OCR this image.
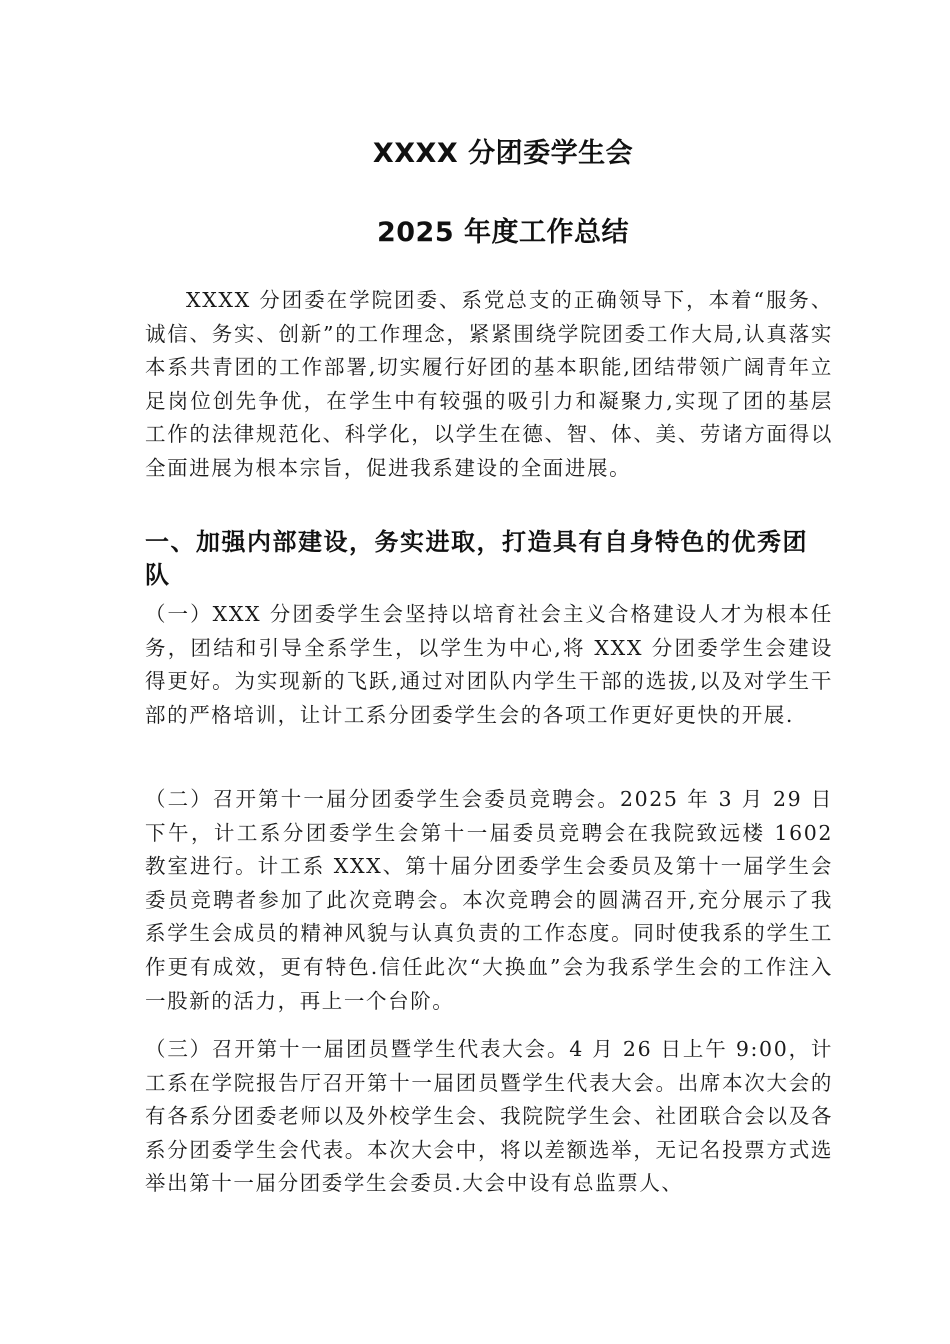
XXXX 分团委学生会
2025 年度工作总结

XXXX 分团委在学院团委、系党总支的正确领导下，本着“服务、诚信、务实、创新”的工作理念，紧紧围绕学院团委工作大局,认真落实本系共青团的工作部署,切实履行好团的基本职能,团结带领广阔青年立足岗位创先争优，在学生中有较强的吸引力和凝聚力,实现了团的基层工作的法律规范化、科学化，以学生在德、智、体、美、劳诸方面得以全面进展为根本宗旨，促进我系建设的全面进展。

一、加强内部建设，务实进取，打造具有自身特色的优秀团队

（一）XXX 分团委学生会坚持以培育社会主义合格建设人才为根本任务，团结和引导全系学生，以学生为中心,将 XXX 分团委学生会建设得更好。为实现新的飞跃,通过对团队内学生干部的选拔,以及对学生干部的严格培训，让计工系分团委学生会的各项工作更好更快的开展.

（二）召开第十一届分团委学生会委员竞聘会。2025 年 3 月 29 日下午，计工系分团委学生会第十一届委员竞聘会在我院致远楼 1602 教室进行。计工系 XXX、第十届分团委学生会委员及第十一届学生会委员竞聘者参加了此次竞聘会。本次竞聘会的圆满召开,充分展示了我系学生会成员的精神风貌与认真负责的工作态度。同时使我系的学生工作更有成效，更有特色.信任此次“大换血”会为我系学生会的工作注入一股新的活力，再上一个台阶。

（三）召开第十一届团员暨学生代表大会。4 月 26 日上午 9:00，计工系在学院报告厅召开第十一届团员暨学生代表大会。出席本次大会的有各系分团委老师以及外校学生会、我院院学生会、社团联合会以及各系分团委学生会代表。本次大会中，将以差额选举，无记名投票方式选举出第十一届分团委学生会委员.大会中设有总监票人、
